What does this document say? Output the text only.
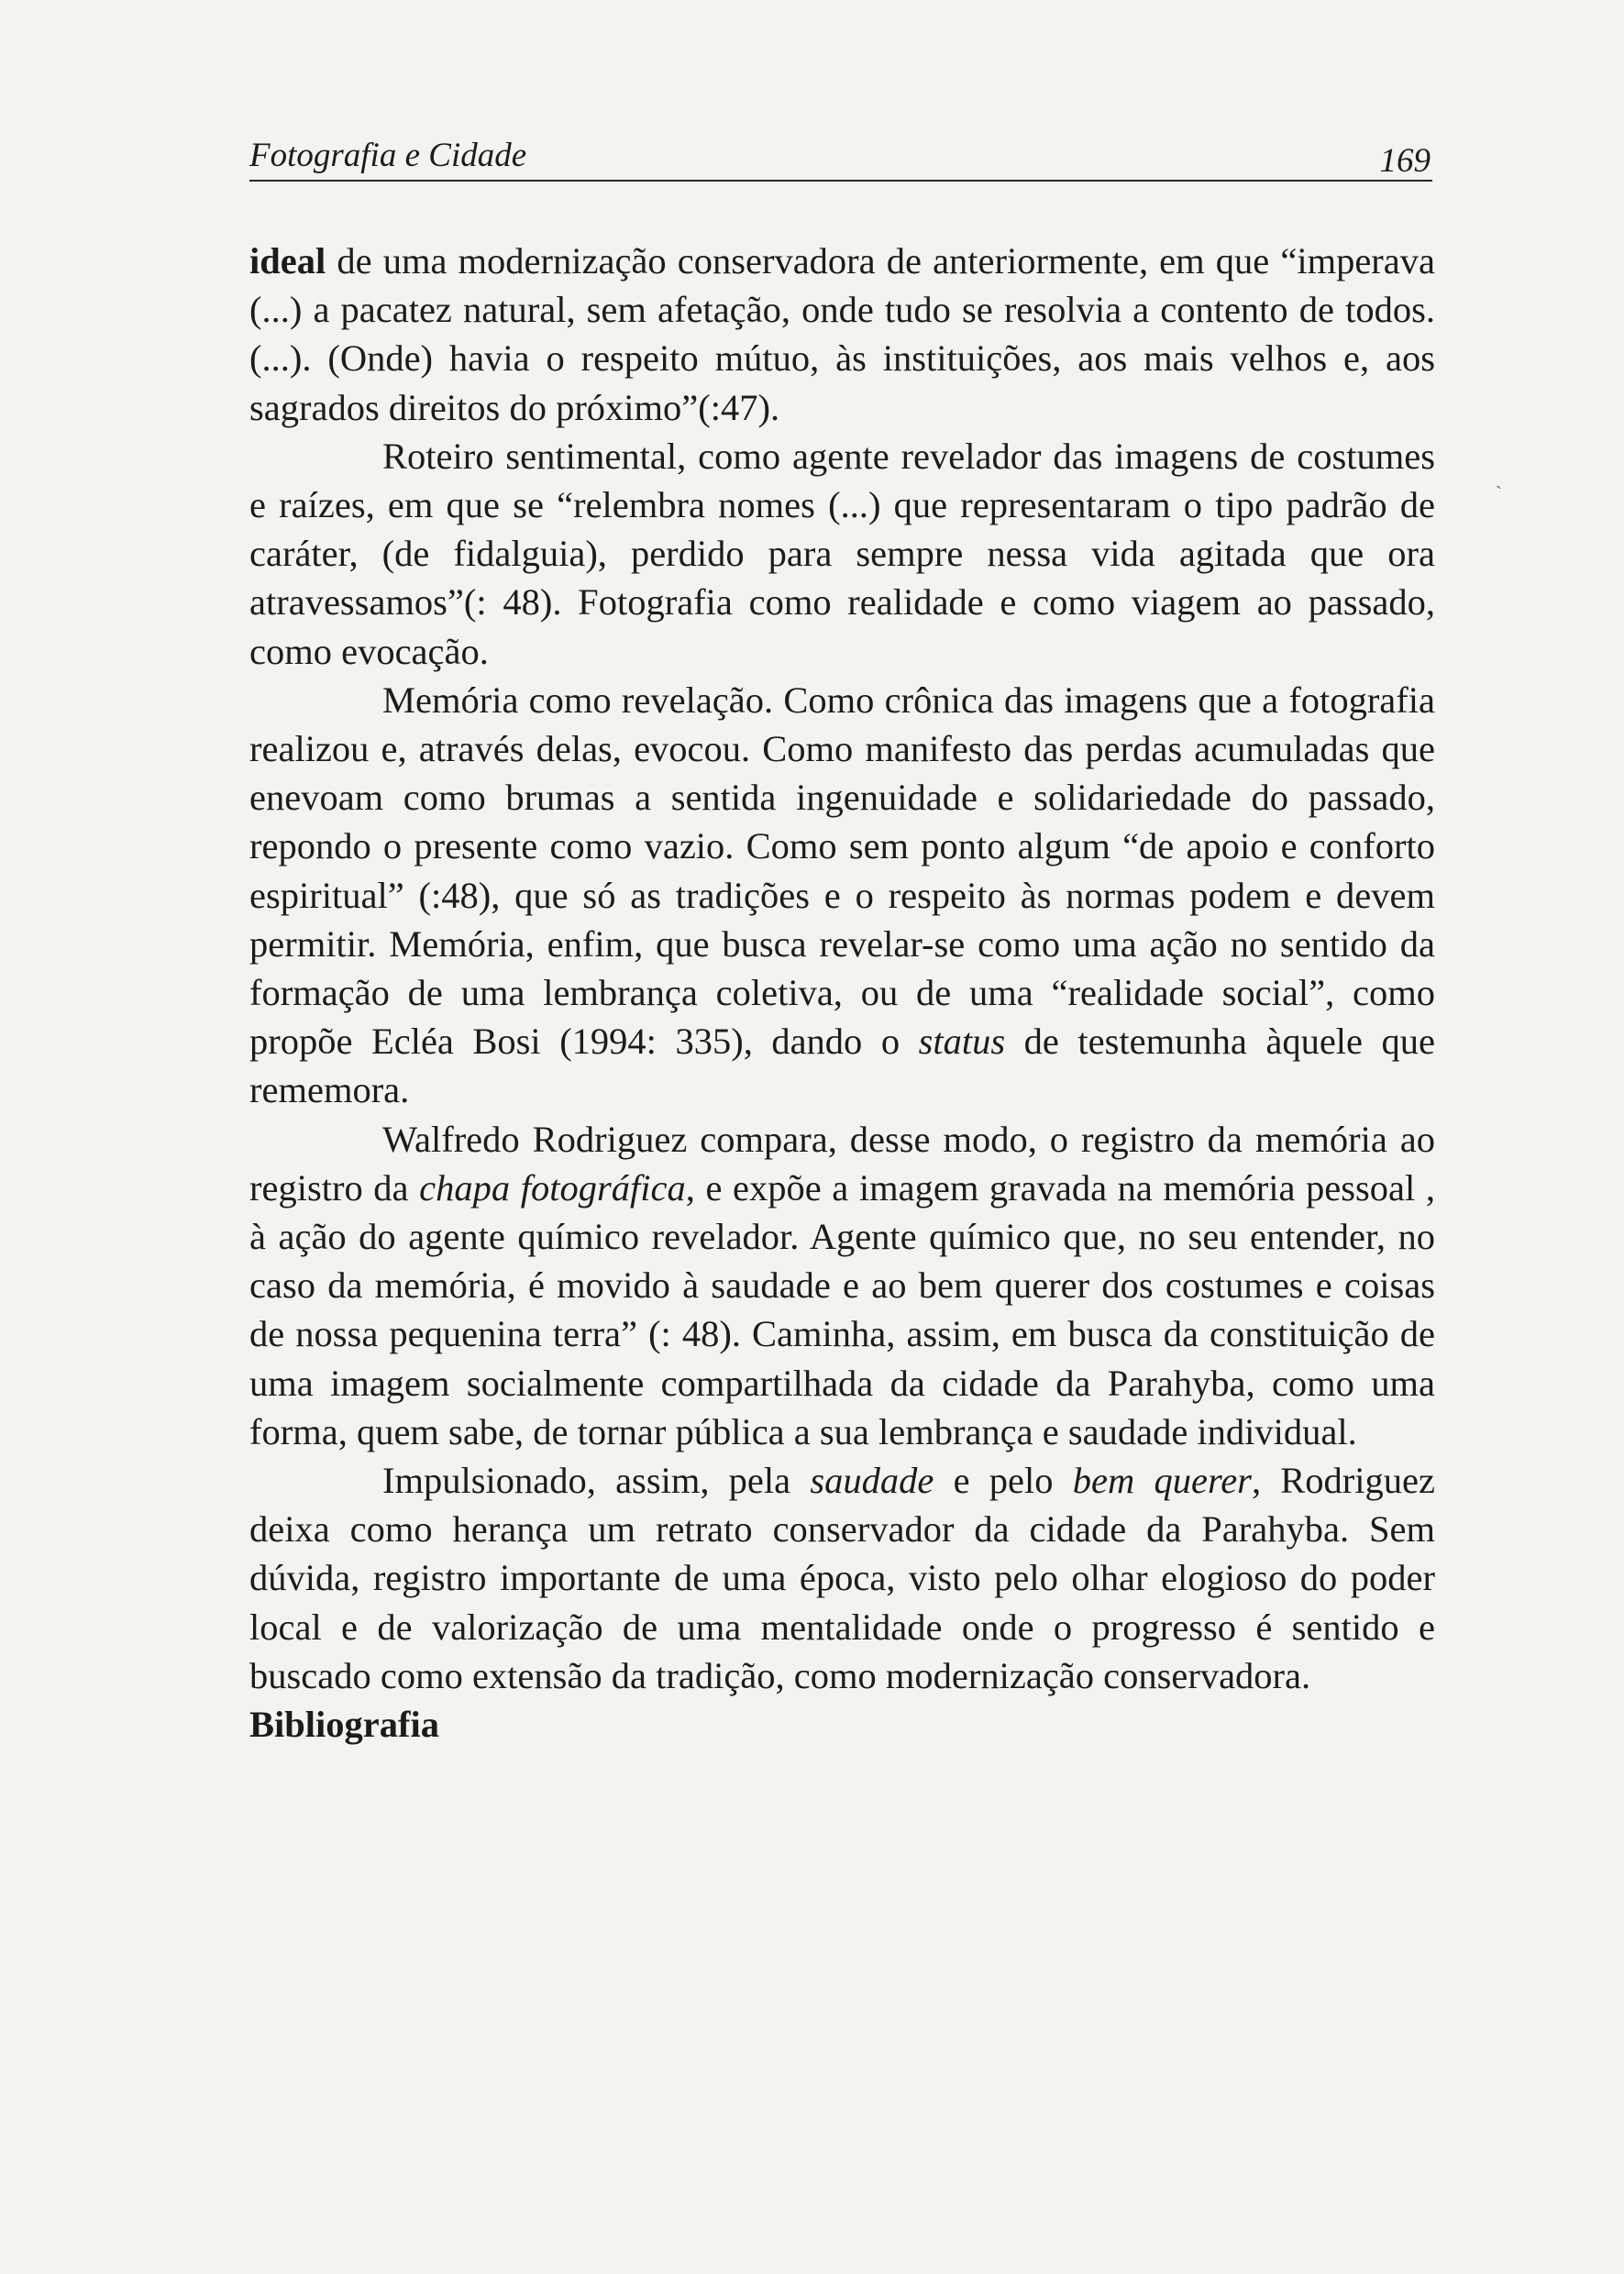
Fotografia e Cidade	169

ideal de uma modernização conservadora de anteriormente, em que “imperava (...) a pacatez natural, sem afetação, onde tudo se resolvia a contento de todos. (...). (Onde) havia o respeito mútuo, às instituições, aos mais velhos e, aos sagrados direitos do próximo”(:47).

Roteiro sentimental, como agente revelador das imagens de costumes e raízes, em que se “relembra nomes (...) que representaram o tipo padrão de caráter, (de fidalguia), perdido para sempre nessa vida agitada que ora atravessamos”(: 48). Fotografia como realidade e como viagem ao passado, como evocação.

Memória como revelação. Como crônica das imagens que a fotografia realizou e, através delas, evocou. Como manifesto das perdas acumuladas que enevoam como brumas a sentida ingenuidade e solidariedade do passado, repondo o presente como vazio. Como sem ponto algum “de apoio e conforto espiritual” (:48), que só as tradições e o respeito às normas podem e devem permitir. Memória, enfim, que busca revelar-se como uma ação no sentido da formação de uma lembrança coletiva, ou de uma “realidade social”, como propõe Ecléa Bosi (1994: 335), dando o status de testemunha àquele que rememora.

Walfredo Rodriguez compara, desse modo, o registro da memória ao registro da chapa fotográfica, e expõe a imagem gravada na memória pessoal , à ação do agente químico revelador. Agente químico que, no seu entender, no caso da memória, é movido à saudade e ao bem querer dos costumes e coisas de nossa pequenina terra” (: 48). Caminha, assim, em busca da constituição de uma imagem socialmente compartilhada da cidade da Parahyba, como uma forma, quem sabe, de tornar pública a sua lembrança e saudade individual.

Impulsionado, assim, pela saudade e pelo bem querer, Rodriguez deixa como herança um retrato conservador da cidade da Parahyba. Sem dúvida, registro importante de uma época, visto pelo olhar elogioso do poder local e de valorização de uma mentalidade onde o progresso é sentido e buscado como extensão da tradição, como modernização conservadora.

Bibliografia

`
